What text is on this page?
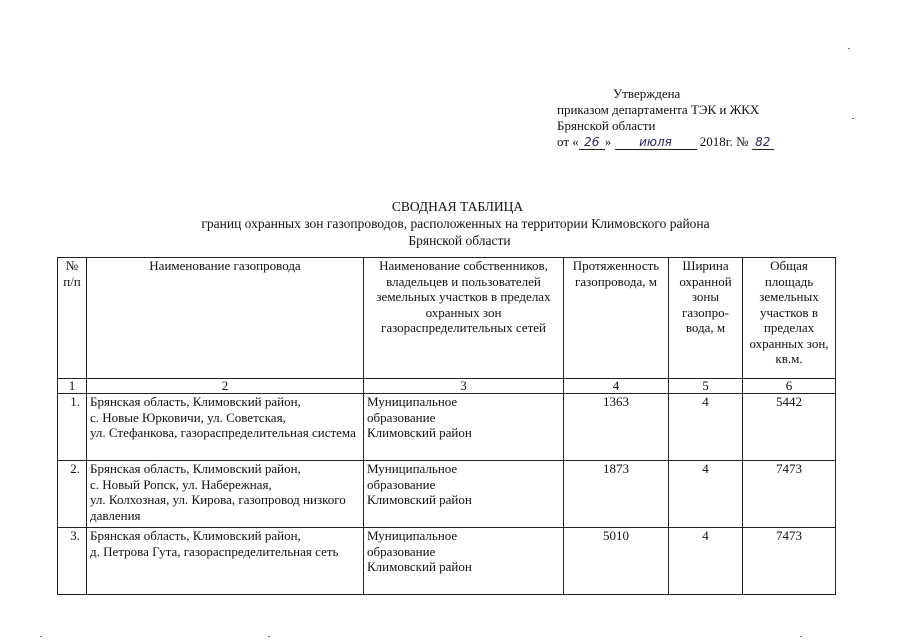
Утверждена
приказом департамента ТЭК и ЖКХ
Брянской области
от « 26 » июля 2018г. № 82
СВОДНАЯ ТАБЛИЦА
границ охранных зон газопроводов, расположенных на территории Климовского района
Брянской области
№ п/п	Наименование газопровода	Наименование собственников, владельцев и пользователей земельных участков в пределах охранных зон газораспределительных сетей	Протяженность газопровода, м	Ширина охранной зоны газопро-вода, м	Общая площадь земельных участков в пределах охранных зон, кв.м.
1	2	3	4	5	6
1.	Брянская область, Климовский район,
с. Новые Юрковичи, ул. Советская,
ул. Стефанкова, газораспределительная система	Муниципальное
образование
Климовский район	1363	4	5442
2.	Брянская область, Климовский район,
с. Новый Ропск, ул. Набережная,
ул. Колхозная, ул. Кирова, газопровод низкого давления	Муниципальное
образование
Климовский район	1873	4	7473
3.	Брянская область, Климовский район,
д. Петрова Гута, газораспределительная сеть	Муниципальное
образование
Климовский район	5010	4	7473
